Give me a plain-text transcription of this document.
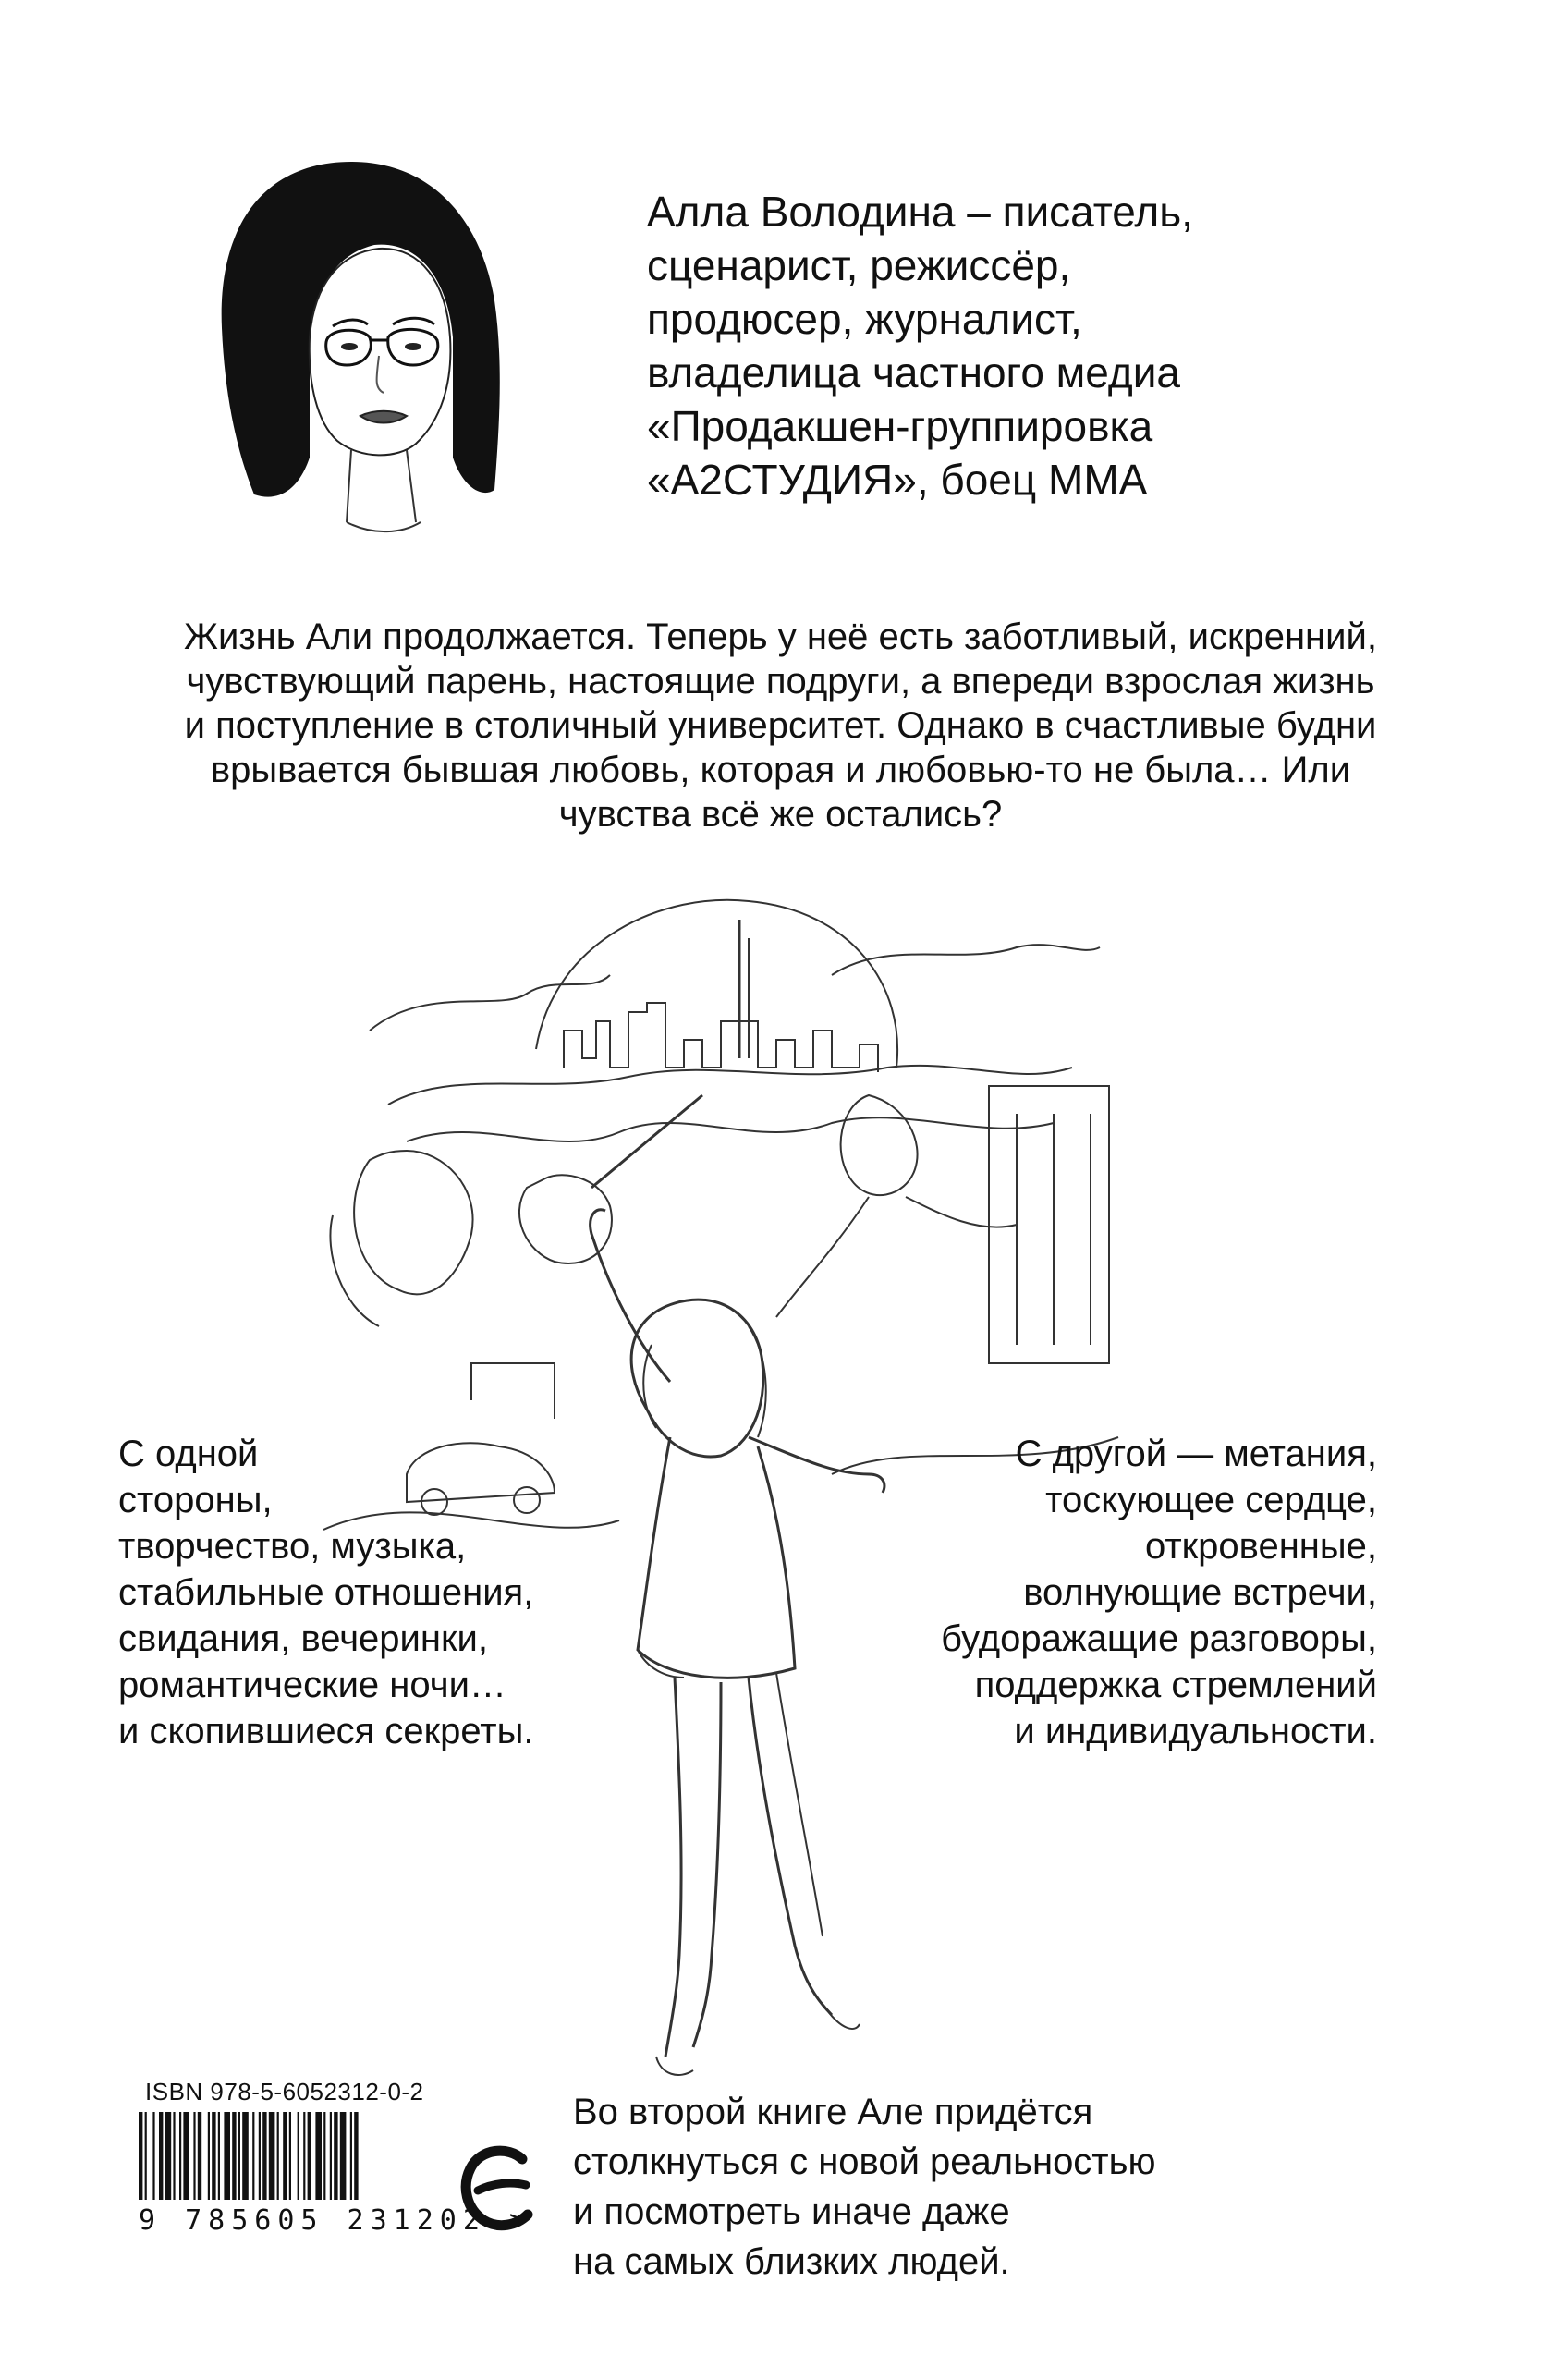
Алла Володина – писатель,
сценарист, режиссёр,
продюсер, журналист,
владелица частного медиа
«Продакшен-группировка
«А2СТУДИЯ», боец ММА
Жизнь Али продолжается. Теперь у неё есть заботливый, искренний,
чувствующий парень, настоящие подруги, а впереди взрослая жизнь
и поступление в столичный университет. Однако в счастливые будни
врывается бывшая любовь, которая и любовью-то не была… Или
чувства всё же остались?
С одной
стороны,
творчество, музыка,
стабильные отношения,
свидания, вечеринки,
романтические ночи…
и скопившиеся секреты.
С другой — метания,
тоскующее сердце,
откровенные,
волнующие встречи,
будоражащие разговоры,
поддержка стремлений
и индивидуальности.
ISBN 978-5-6052312-0-2
9 785605 231202 >
Во второй книге Але придётся
столкнуться с новой реальностью
и посмотреть иначе даже
на самых близких людей.
